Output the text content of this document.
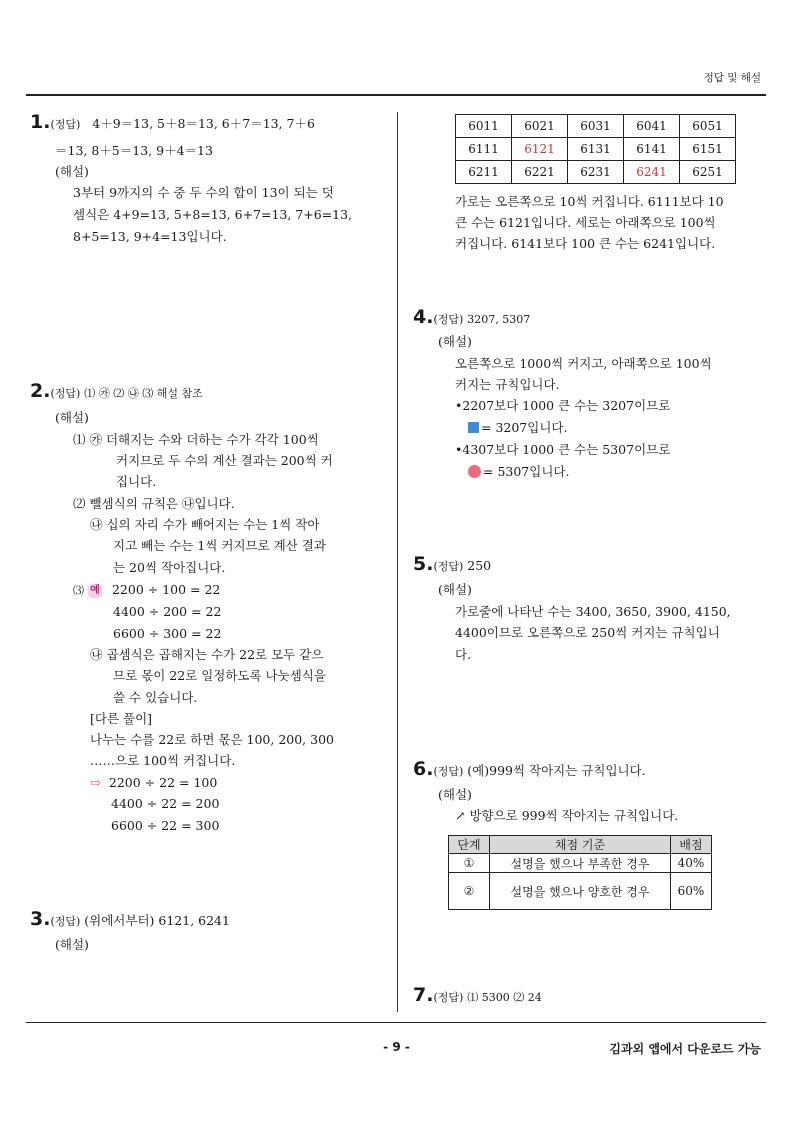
정답 및 해설
1.(정답) 4＋9＝13, 5＋8＝13, 6＋7＝13, 7＋6
＝13, 8＋5＝13, 9＋4＝13
(해설)
3부터 9까지의 수 중 두 수의 합이 13이 되는 덧
셈식은 4+9=13, 5+8=13, 6+7=13, 7+6=13,
8+5=13, 9+4=13입니다.
2.(정답) ⑴ ㉮ ⑵ ㉯ ⑶ 해설 참조
(해설)
⑴ ㉮ 더해지는 수와 더하는 수가 각각 100씩
커지므로 두 수의 계산 결과는 200씩 커
집니다.
⑵ 뺄셈식의 규칙은 ㉯입니다.
㉯ 십의 자리 수가 빼어지는 수는 1씩 작아
지고 빼는 수는 1씩 커지므로 계산 결과
는 20씩 작아집니다.
⑶ 예 2200 ÷ 100 = 22
4400 ÷ 200 = 22
6600 ÷ 300 = 22
㉯ 곱셈식은 곱해지는 수가 22로 모두 같으
므로 몫이 22로 일정하도록 나눗셈식을
쓸 수 있습니다.
[다른 풀이]
나누는 수를 22로 하면 몫은 100, 200, 300
……으로 100씩 커집니다.
⇨ 2200 ÷ 22 = 100
4400 ÷ 22 = 200
6600 ÷ 22 = 300
3.(정답) (위에서부터) 6121, 6241
(해설)
6011	6021	6031	6041	6051
6111	6121	6131	6141	6151
6211	6221	6231	6241	6251
가로는 오른쪽으로 10씩 커집니다. 6111보다 10
큰 수는 6121입니다. 세로는 아래쪽으로 100씩
커집니다. 6141보다 100 큰 수는 6241입니다.
4.(정답) 3207, 5307
(해설)
오른쪽으로 1000씩 커지고, 아래쪽으로 100씩
커지는 규칙입니다.
•2207보다 1000 큰 수는 3207이므로
= 3207입니다.
•4307보다 1000 큰 수는 5307이므로
= 5307입니다.
5.(정답) 250
(해설)
가로줄에 나타난 수는 3400, 3650, 3900, 4150,
4400이므로 오른쪽으로 250씩 커지는 규칙입니
다.
6.(정답) (예)999씩 작아지는 규칙입니다.
(해설)
↗ 방향으로 999씩 작아지는 규칙입니다.
단계	채점 기준	배점
①	설명을 했으나 부족한 경우	40%
②	설명을 했으나 양호한 경우	60%
7.(정답) ⑴ 5300 ⑵ 24
- 9 -	김과외 앱에서 다운로드 가능
